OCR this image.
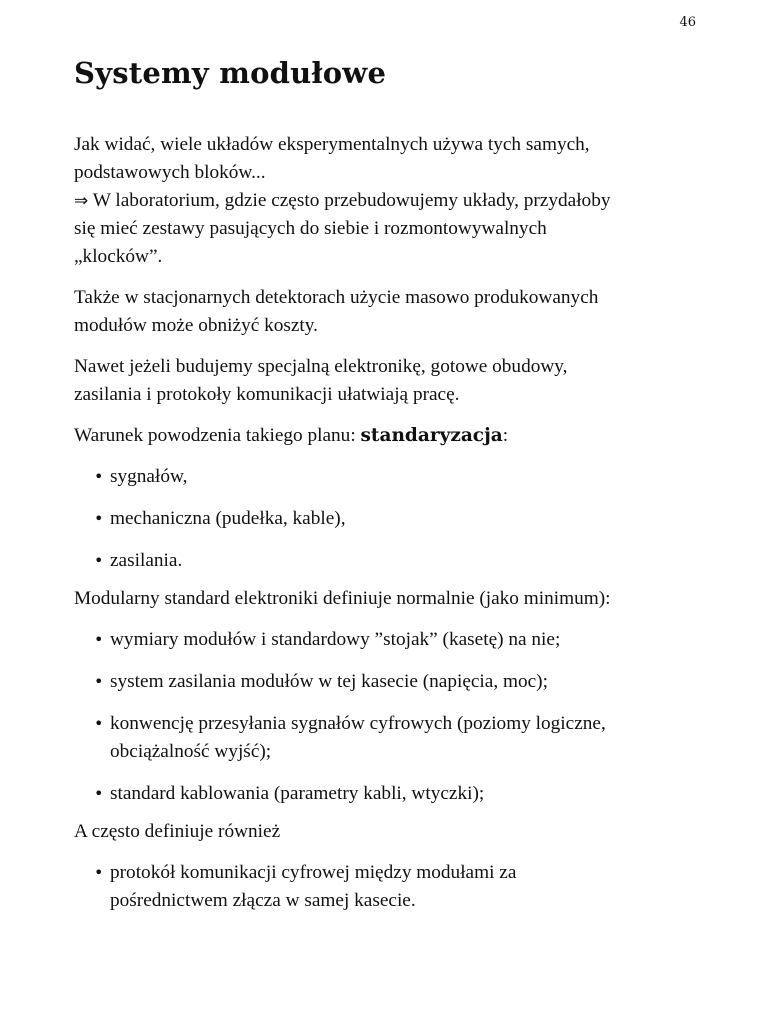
46
Systemy modułowe

Jak widać, wiele układów eksperymentalnych używa tych samych,
podstawowych bloków...
⇒ W laboratorium, gdzie często przebudowujemy układy, przydałoby
się mieć zestawy pasujących do siebie i rozmontowywalnych
„klocków”.

Także w stacjonarnych detektorach użycie masowo produkowanych
modułów może obniżyć koszty.

Nawet jeżeli budujemy specjalną elektronikę, gotowe obudowy,
zasilania i protokoły komunikacji ułatwiają pracę.

Warunek powodzenia takiego planu: standaryzacja:

• sygnałów,
• mechaniczna (pudełka, kable),
• zasilania.

Modularny standard elektroniki definiuje normalnie (jako minimum):

• wymiary modułów i standardowy ”stojak” (kasetę) na nie;
• system zasilania modułów w tej kasecie (napięcia, moc);
• konwencję przesyłania sygnałów cyfrowych (poziomy logiczne,
obciążalność wyjść);
• standard kablowania (parametry kabli, wtyczki);

A często definiuje również

• protokół komunikacji cyfrowej między modułami za
pośrednictwem złącza w samej kasecie.
